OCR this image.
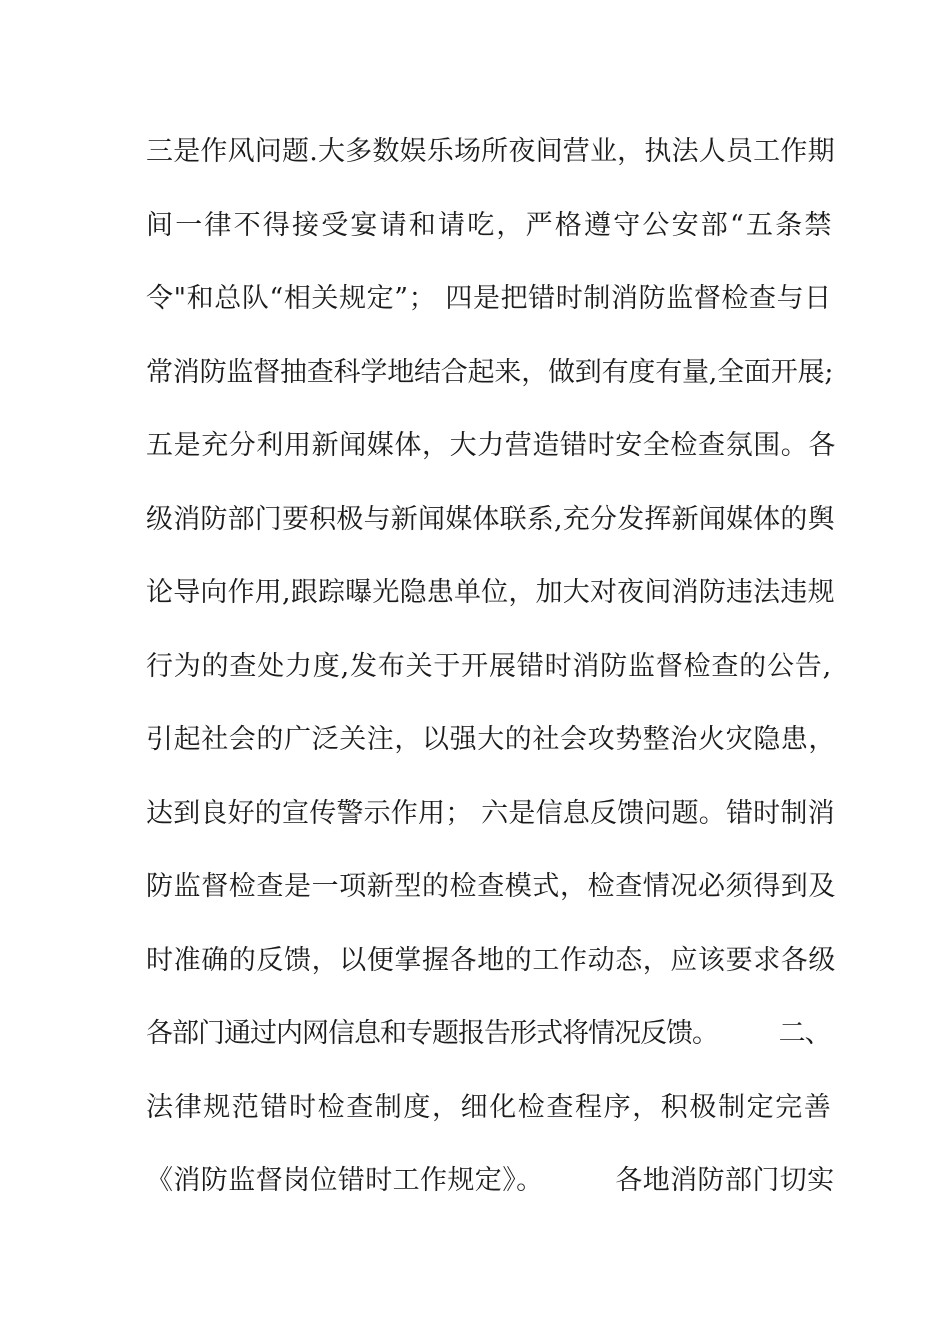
三是作风问题.大多数娱乐场所夜间营业，执法人员工作期
间一律不得接受宴请和请吃，严格遵守公安部“五条禁
令"和总队“相关规定”； 四是把错时制消防监督检查与日
常消防监督抽查科学地结合起来，做到有度有量,全面开展;
五是充分利用新闻媒体，大力营造错时安全检查氛围。各
级消防部门要积极与新闻媒体联系,充分发挥新闻媒体的舆
论导向作用,跟踪曝光隐患单位，加大对夜间消防违法违规
行为的查处力度,发布关于开展错时消防监督检查的公告,
引起社会的广泛关注，以强大的社会攻势整治火灾隐患，
达到良好的宣传警示作用； 六是信息反馈问题。错时制消
防监督检查是一项新型的检查模式，检查情况必须得到及
时准确的反馈，以便掌握各地的工作动态，应该要求各级
各部门通过内网信息和专题报告形式将情况反馈。        二、
法律规范错时检查制度，细化检查程序，积极制定完善
《消防监督岗位错时工作规定》。        各地消防部门切实
